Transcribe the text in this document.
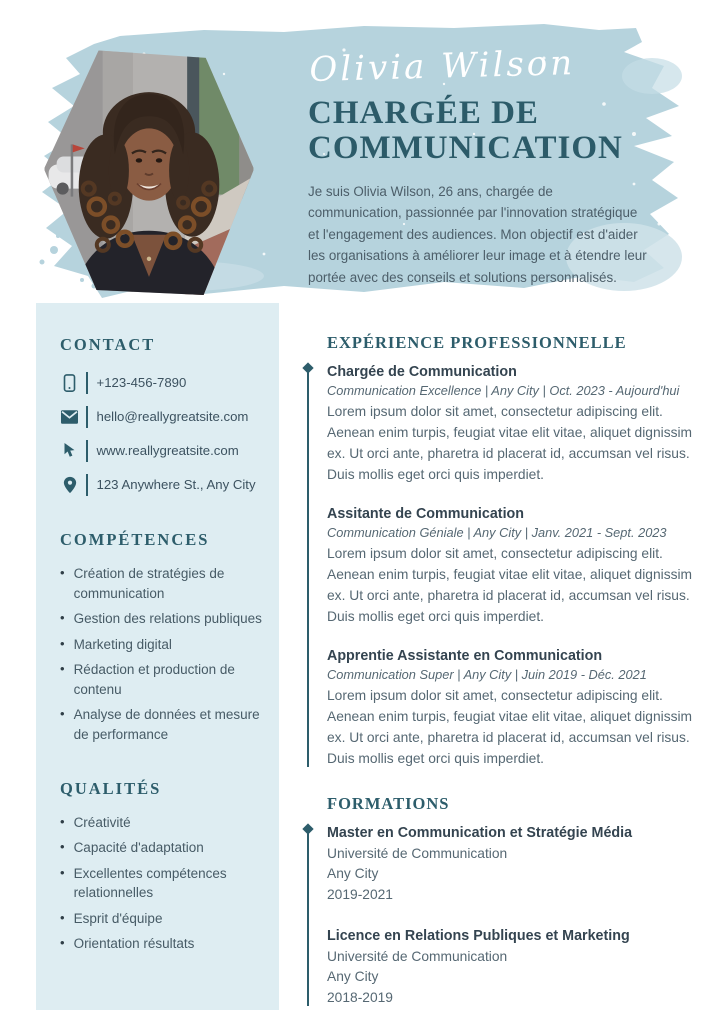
Olivia Wilson
CHARGÉE DE
COMMUNICATION
Je suis Olivia Wilson, 26 ans, chargée de communication, passionnée par l'innovation stratégique et l'engagement des audiences. Mon objectif est d'aider les organisations à améliorer leur image et à étendre leur portée avec des conseils et solutions personnalisés.
CONTACT
+123-456-7890
hello@reallygreatsite.com
www.reallygreatsite.com
123 Anywhere St., Any City
COMPÉTENCES
• Création de stratégies de communication
• Gestion des relations publiques
• Marketing digital
• Rédaction et production de contenu
• Analyse de données et mesure de performance
QUALITÉS
• Créativité
• Capacité d'adaptation
• Excellentes compétences relationnelles
• Esprit d'équipe
• Orientation résultats
EXPÉRIENCE PROFESSIONNELLE
Chargée de Communication
Communication Excellence | Any City | Oct. 2023 - Aujourd'hui
Lorem ipsum dolor sit amet, consectetur adipiscing elit. Aenean enim turpis, feugiat vitae elit vitae, aliquet dignissim ex. Ut orci ante, pharetra id placerat id, accumsan vel risus. Duis mollis eget orci quis imperdiet.
Assitante de Communication
Communication Géniale | Any City | Janv. 2021 - Sept. 2023
Lorem ipsum dolor sit amet, consectetur adipiscing elit. Aenean enim turpis, feugiat vitae elit vitae, aliquet dignissim ex. Ut orci ante, pharetra id placerat id, accumsan vel risus. Duis mollis eget orci quis imperdiet.
Apprentie Assistante en Communication
Communication Super | Any City | Juin 2019 - Déc. 2021
Lorem ipsum dolor sit amet, consectetur adipiscing elit. Aenean enim turpis, feugiat vitae elit vitae, aliquet dignissim ex. Ut orci ante, pharetra id placerat id, accumsan vel risus. Duis mollis eget orci quis imperdiet.
FORMATIONS
Master en Communication et Stratégie Média
Université de Communication
Any City
2019-2021
Licence en Relations Publiques et Marketing
Université de Communication
Any City
2018-2019
